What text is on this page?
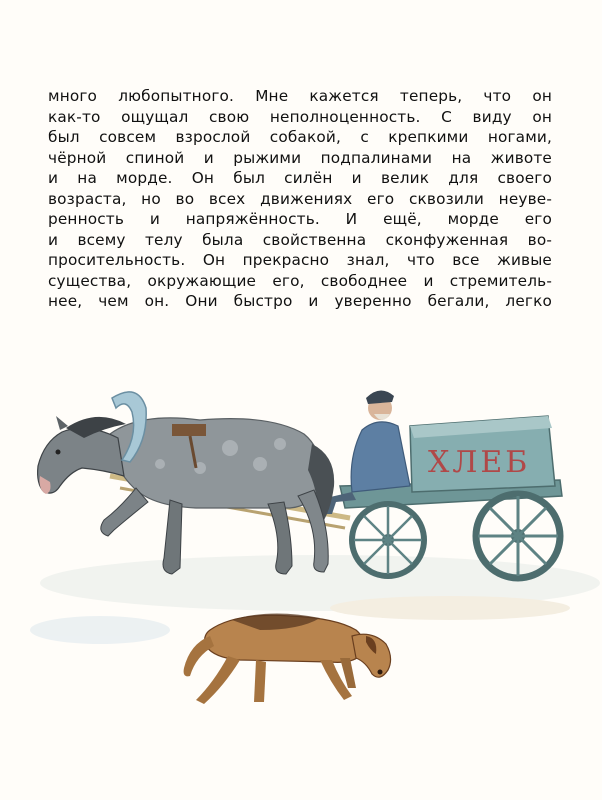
много любопытного. Мне кажется теперь, что он
как-то ощущал свою неполноценность. С виду он
был совсем взрослой собакой, с крепкими ногами,
чёрной спиной и рыжими подпалинами на животе
и на морде. Он был силён и велик для своего
возраста, но во всех движениях его сквозили неуве-
ренность и напряжённость. И ещё, морде его
и всему телу была свойственна сконфуженная во-
просительность. Он прекрасно знал, что все живые
существа, окружающие его, свободнее и стремитель-
нее, чем он. Они быстро и уверенно бегали, легко
ХЛЕБ
